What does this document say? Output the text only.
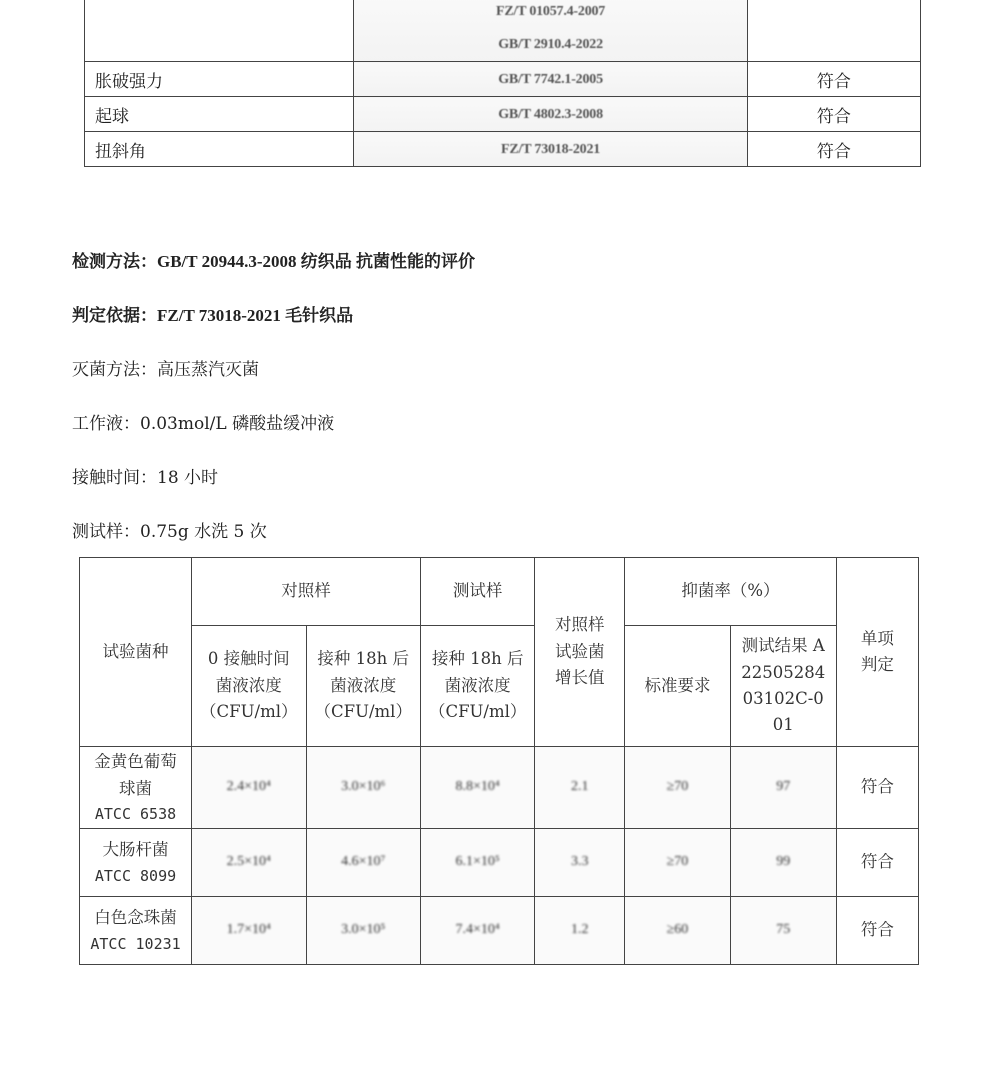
	FZ/T 01057.4-2007
GB/T 2910.4-2022	

胀破强力	GB/T 7742.1-2005	符合
起球	GB/T 4802.3-2008	符合
扭斜角	FZ/T 73018-2021	符合
检测方法：GB/T 20944.3-2008 纺织品 抗菌性能的评价
判定依据：FZ/T 73018-2021 毛针织品
灭菌方法：高压蒸汽灭菌
工作液：0.03mol/L 磷酸盐缓冲液
接触时间：18 小时
测试样：0.75g 水洗 5 次
试验菌种	对照样		测试样	对照样试验菌增长值	抑菌率（%）		单项判定
	0 接触时间菌液浓度（CFU/ml）	接种 18h 后菌液浓度（CFU/ml）	接种 18h 后菌液浓度（CFU/ml）		标准要求	测试结果 A2250528403102C-001	

金黄色葡萄球菌
ATCC 6538	2.4×10⁴	3.0×10⁶	8.8×10⁴	2.1	≥70	97	符合

大肠杆菌
ATCC 8099	2.5×10⁴	4.6×10⁷	6.1×10⁵	3.3	≥70	99	符合

白色念珠菌
ATCC 10231	1.7×10⁴	3.0×10⁵	7.4×10⁴	1.2	≥60	75	符合
